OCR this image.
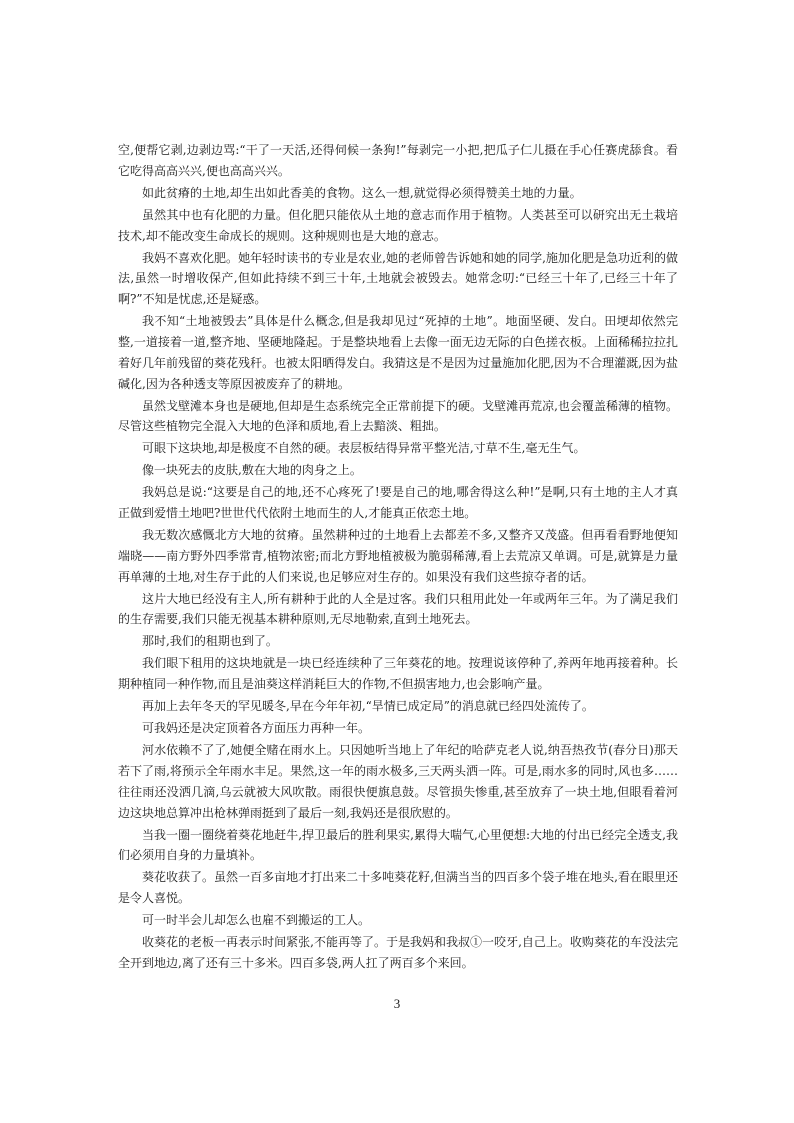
空,便帮它剥,边剥边骂:“干了一天活,还得伺候一条狗!”每剥完一小把,把瓜子仁儿摄在手心任赛虎舔食。看它吃得高高兴兴,便也高高兴兴。

如此贫瘠的土地,却生出如此香美的食物。这么一想,就觉得必须得赞美土地的力量。

虽然其中也有化肥的力量。但化肥只能依从土地的意志而作用于植物。人类甚至可以研究出无土栽培技术,却不能改变生命成长的规则。这种规则也是大地的意志。

我妈不喜欢化肥。她年轻时读书的专业是农业,她的老师曾告诉她和她的同学,施加化肥是急功近利的做法,虽然一时增收保产,但如此持续不到三十年,土地就会被毁去。她常念叨:“已经三十年了,已经三十年了啊?”不知是忧虑,还是疑惑。

我不知“土地被毁去”具体是什么概念,但是我却见过“死掉的土地”。地面坚硬、发白。田埂却依然完整,一道接着一道,整齐地、坚硬地隆起。于是整块地看上去像一面无边无际的白色搓衣板。上面稀稀拉拉扎着好几年前残留的葵花残秆。也被太阳晒得发白。我猜这是不是因为过量施加化肥,因为不合理灌溉,因为盐碱化,因为各种透支等原因被废弃了的耕地。

虽然戈壁滩本身也是硬地,但却是生态系统完全正常前提下的硬。戈壁滩再荒凉,也会覆盖稀薄的植物。尽管这些植物完全混入大地的色泽和质地,看上去黯淡、粗拙。

可眼下这块地,却是极度不自然的硬。表层板结得异常平整光洁,寸草不生,毫无生气。

像一块死去的皮肤,敷在大地的肉身之上。

我妈总是说:“这要是自己的地,还不心疼死了!要是自己的地,哪舍得这么种!”是啊,只有土地的主人才真正做到爱惜土地吧?世世代代依附土地而生的人,才能真正依恋土地。

我无数次感慨北方大地的贫瘠。虽然耕种过的土地看上去都差不多,又整齐又茂盛。但再看看野地便知端晓——南方野外四季常青,植物浓密;而北方野地植被极为脆弱稀薄,看上去荒凉又单调。可是,就算是力量再单薄的土地,对生存于此的人们来说,也足够应对生存的。如果没有我们这些掠夺者的话。

这片大地已经没有主人,所有耕种于此的人全是过客。我们只租用此处一年或两年三年。为了满足我们的生存需要,我们只能无视基本耕种原则,无尽地勒索,直到土地死去。

那时,我们的租期也到了。

我们眼下租用的这块地就是一块已经连续种了三年葵花的地。按理说该停种了,养两年地再接着种。长期种植同一种作物,而且是油葵这样消耗巨大的作物,不但损害地力,也会影响产量。

再加上去年冬天的罕见暖冬,早在今年年初,“旱情已成定局”的消息就已经四处流传了。

可我妈还是决定顶着各方面压力再种一年。

河水依赖不了了,她便全赌在雨水上。只因她听当地上了年纪的哈萨克老人说,纳吾热孜节(春分日)那天若下了雨,将预示全年雨水丰足。果然,这一年的雨水极多,三天两头洒一阵。可是,雨水多的同时,风也多……往往雨还没洒几滴,乌云就被大风吹散。雨很快便旗息鼓。尽管损失惨重,甚至放弃了一块土地,但眼看着河边这块地总算冲出枪林弹雨挺到了最后一刻,我妈还是很欣慰的。

当我一圈一圈绕着葵花地赶牛,捍卫最后的胜利果实,累得大喘气,心里便想:大地的付出已经完全透支,我们必须用自身的力量填补。

葵花收获了。虽然一百多亩地才打出来二十多吨葵花籽,但满当当的四百多个袋子堆在地头,看在眼里还是令人喜悦。

可一时半会儿却怎么也雇不到搬运的工人。

收葵花的老板一再表示时间紧张,不能再等了。于是我妈和我叔①一咬牙,自己上。收购葵花的车没法完全开到地边,离了还有三十多米。四百多袋,两人扛了两百多个来回。

3
